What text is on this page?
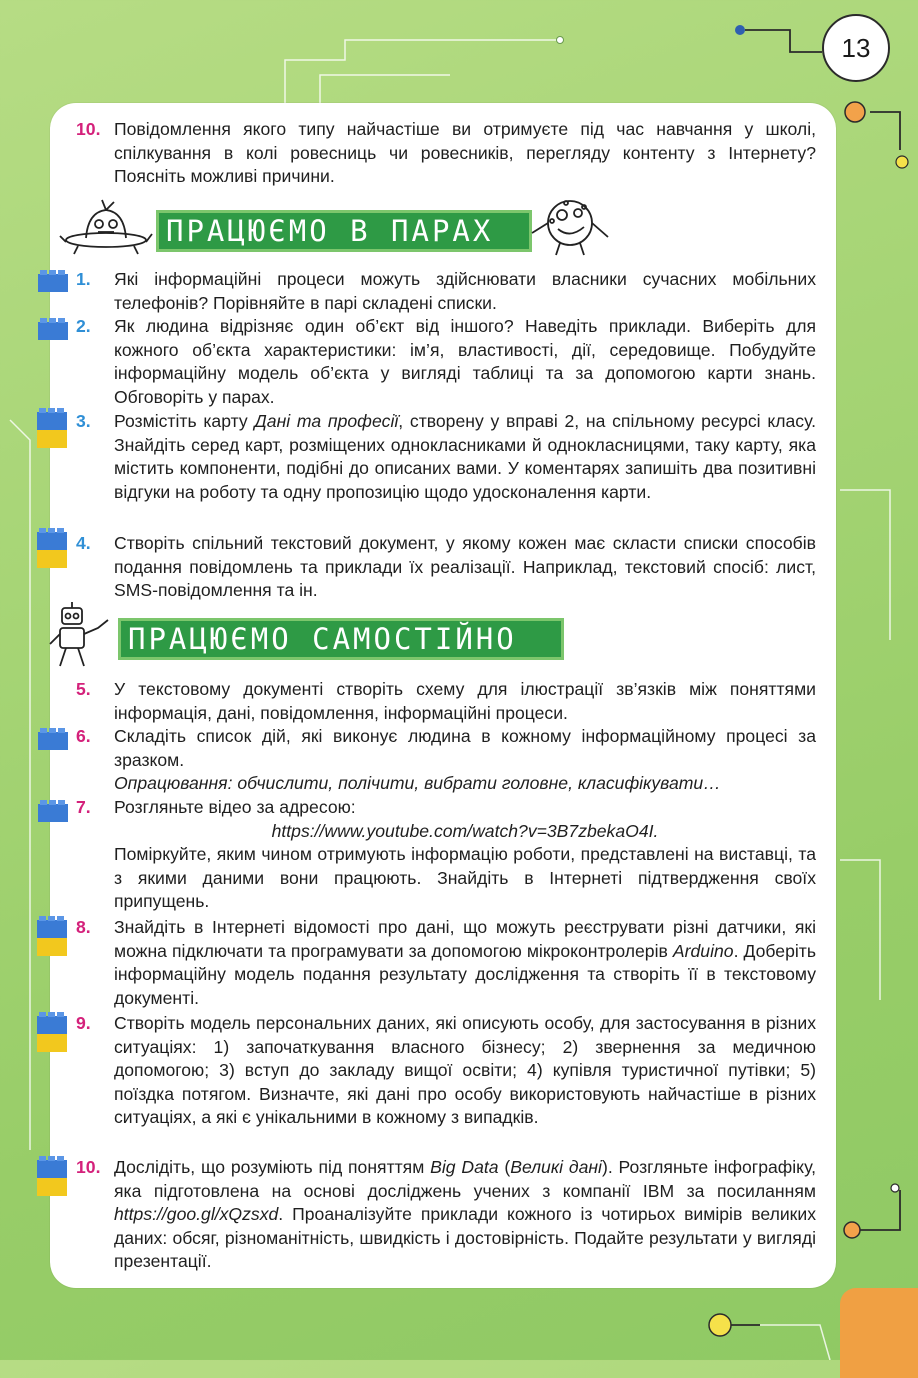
13
10. Повідомлення якого типу найчастіше ви отримуєте під час навчання у школі, спілкування в колі ровесниць чи ровесників, перегляду контенту з Інтернету? Поясніть можливі причини.
ПРАЦЮЄМО В ПАРАХ
1. Які інформаційні процеси можуть здійснювати власники сучасних мобільних телефонів? Порівняйте в парі складені списки.
2. Як людина відрізняє один об’єкт від іншого? Наведіть приклади. Виберіть для кожного об’єкта характеристики: ім’я, властивості, дії, середовище. Побудуйте інформаційну модель об’єкта у вигляді таблиці та за допомогою карти знань. Обговоріть у парах.
3. Розмістіть карту Дані та професії, створену у вправі 2, на спільному ресурсі класу. Знайдіть серед карт, розміщених однокласниками й однокласницями, таку карту, яка містить компоненти, подібні до описаних вами. У коментарях запишіть два позитивні відгуки на роботу та одну пропозицію щодо удосконалення карти.
4. Створіть спільний текстовий документ, у якому кожен має скласти списки способів подання повідомлень та приклади їх реалізації. Наприклад, текстовий спосіб: лист, SMS-повідомлення та ін.
ПРАЦЮЄМО САМОСТІЙНО
5. У текстовому документі створіть схему для ілюстрації зв’язків між поняттями інформація, дані, повідомлення, інформаційні процеси.
6. Складіть список дій, які виконує людина в кожному інформаційному процесі за зразком.

Опрацювання: обчислити, полічити, вибрати головне, класифікувати…

7. Розгляньте відео за адресою:

https://www.youtube.com/watch?v=3B7zbekaO4I.

Поміркуйте, яким чином отримують інформацію роботи, представлені на виставці, та з якими даними вони працюють. Знайдіть в Інтернеті підтвердження своїх припущень.

8. Знайдіть в Інтернеті відомості про дані, що можуть реєструвати різні датчики, які можна підключати та програмувати за допомогою мікроконтролерів Arduino. Доберіть інформаційну модель подання результату дослідження та створіть її в текстовому документі.
9. Створіть модель персональних даних, які описують особу, для застосування в різних ситуаціях: 1) започаткування власного бізнесу; 2) звернення за медичною допомогою; 3) вступ до закладу вищої освіти; 4) купівля туристичної путівки; 5) поїздка потягом. Визначте, які дані про особу використовують найчастіше в різних ситуаціях, а які є унікальними в кожному з випадків.
10. Дослідіть, що розуміють під поняттям Big Data (Великі дані). Розгляньте інфографіку, яка підготовлена на основі досліджень учених з компанії IBM за посиланням https://goo.gl/xQzsxd. Проаналізуйте приклади кожного із чотирьох вимірів великих даних: обсяг, різноманітність, швидкість і достовірність. Подайте результати у вигляді презентації.
